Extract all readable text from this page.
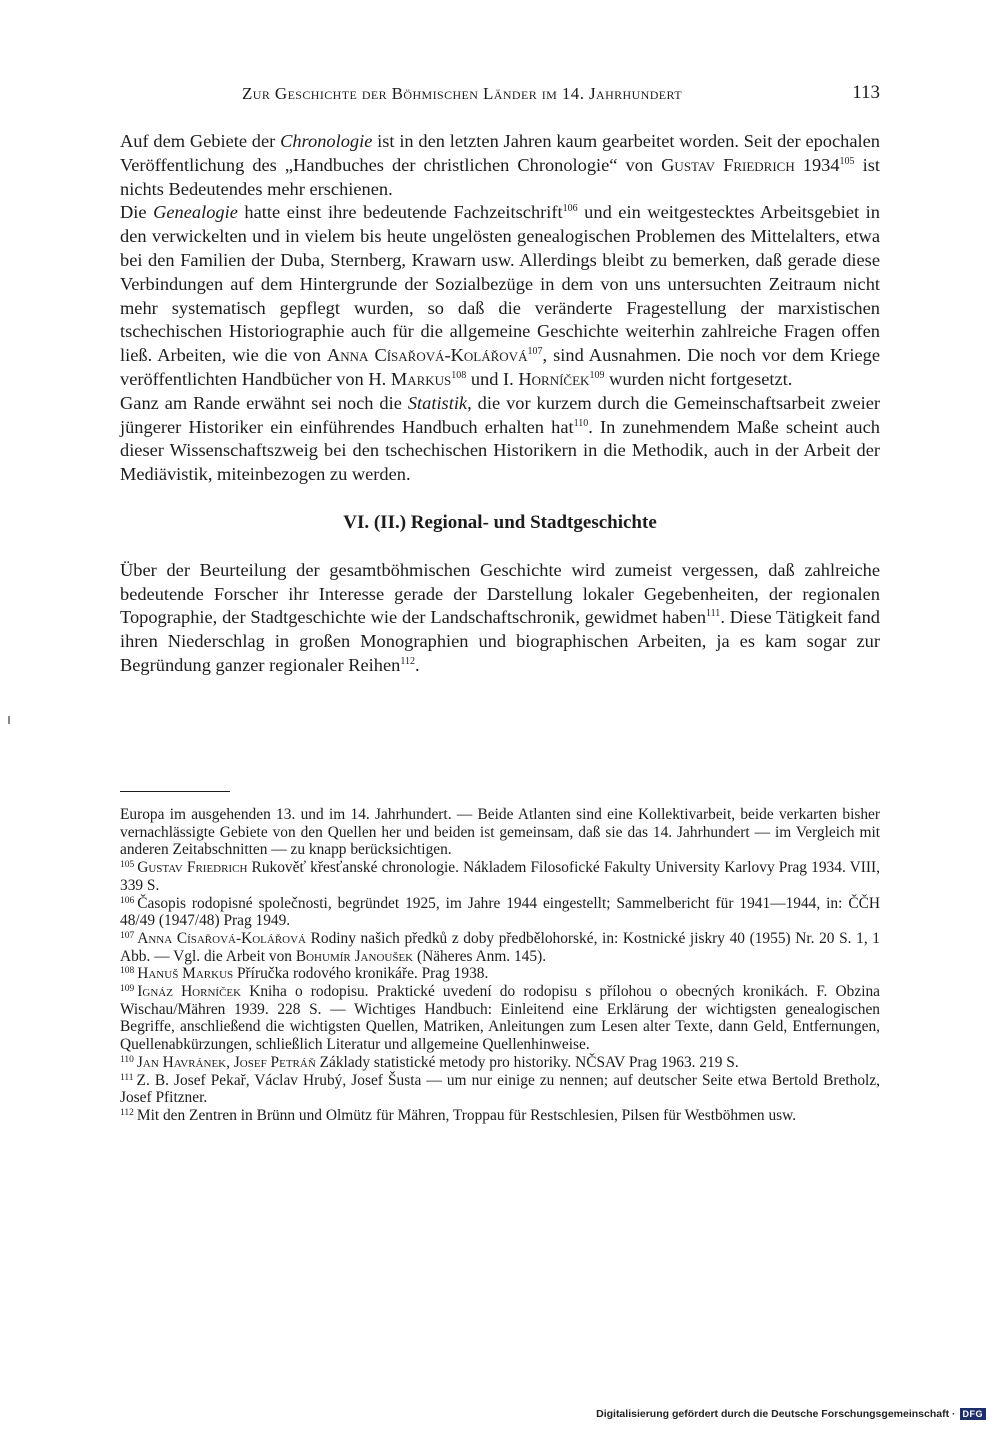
Zur Geschichte der Böhmischen Länder im 14. Jahrhundert	113

Auf dem Gebiete der Chronologie ist in den letzten Jahren kaum gearbeitet worden. Seit der epochalen Veröffentlichung des „Handbuches der christlichen Chronologie“ von Gustav Friedrich 1934$^{105}$ ist nichts Bedeutendes mehr erschienen.

Die Genealogie hatte einst ihre bedeutende Fachzeitschrift$^{106}$ und ein weitgestecktes Arbeitsgebiet in den verwickelten und in vielem bis heute ungelösten genealogischen Problemen des Mittelalters, etwa bei den Familien der Duba, Sternberg, Krawarn usw. Allerdings bleibt zu bemerken, daß gerade diese Verbindungen auf dem Hintergrunde der Sozialbezüge in dem von uns untersuchten Zeitraum nicht mehr systematisch gepflegt wurden, so daß die veränderte Fragestellung der marxistischen tschechischen Historiographie auch für die allgemeine Geschichte weiterhin zahlreiche Fragen offen ließ. Arbeiten, wie die von Anna Císařová-Kolářová$^{107}$, sind Ausnahmen. Die noch vor dem Kriege veröffentlichten Handbücher von H. Markus$^{108}$ und I. Horníček$^{109}$ wurden nicht fortgesetzt.

Ganz am Rande erwähnt sei noch die Statistik, die vor kurzem durch die Gemeinschaftsarbeit zweier jüngerer Historiker ein einführendes Handbuch erhalten hat$^{110}$. In zunehmendem Maße scheint auch dieser Wissenschaftszweig bei den tschechischen Historikern in die Methodik, auch in der Arbeit der Mediävistik, miteinbezogen zu werden.

VI. (II.) Regional- und Stadtgeschichte

Über der Beurteilung der gesamtböhmischen Geschichte wird zumeist vergessen, daß zahlreiche bedeutende Forscher ihr Interesse gerade der Darstellung lokaler Gegebenheiten, der regionalen Topographie, der Stadtgeschichte wie der Landschaftschronik, gewidmet haben$^{111}$. Diese Tätigkeit fand ihren Niederschlag in großen Monographien und biographischen Arbeiten, ja es kam sogar zur Begründung ganzer regionaler Reihen$^{112}$.

Europa im ausgehenden 13. und im 14. Jahrhundert. — Beide Atlanten sind eine Kollektivarbeit, beide verkarten bisher vernachlässigte Gebiete von den Quellen her und beiden ist gemeinsam, daß sie das 14. Jahrhundert — im Vergleich mit anderen Zeitabschnitten — zu knapp berücksichtigen.

$^{105}$ Gustav Friedrich Rukověť křesťanské chronologie. Nákladem Filosofické Fakulty University Karlovy Prag 1934. VIII, 339 S.

$^{106}$ Časopis rodopisné společnosti, begründet 1925, im Jahre 1944 eingestellt; Sammelbericht für 1941—1944, in: ČČH 48/49 (1947/48) Prag 1949.

$^{107}$ Anna Císařová-Kolářová Rodiny našich předků z doby předbělohorské, in: Kostnické jiskry 40 (1955) Nr. 20 S. 1, 1 Abb. — Vgl. die Arbeit von Bohumír Janoušek (Näheres Anm. 145).

$^{108}$ Hanuš Markus Příručka rodového kronikáře. Prag 1938.

$^{109}$ Ignáz Horníček Kniha o rodopisu. Praktické uvedení do rodopisu s přílohou o obecných kronikách. F. Obzina Wischau/Mähren 1939. 228 S. — Wichtiges Handbuch: Einleitend eine Erklärung der wichtigsten genealogischen Begriffe, anschließend die wichtigsten Quellen, Matriken, Anleitungen zum Lesen alter Texte, dann Geld, Entfernungen, Quellenabkürzungen, schließlich Literatur und allgemeine Quellenhinweise.

$^{110}$ Jan Havránek, Josef Petráň Základy statistické metody pro historiky. NČSAV Prag 1963. 219 S.

$^{111}$ Z. B. Josef Pekař, Václav Hrubý, Josef Šusta — um nur einige zu nennen; auf deutscher Seite etwa Bertold Bretholz, Josef Pfitzner.

$^{112}$ Mit den Zentren in Brünn und Olmütz für Mähren, Troppau für Restschlesien, Pilsen für Westböhmen usw.

Digitalisierung gefördert durch die Deutsche Forschungsgemeinschaft · DFG
